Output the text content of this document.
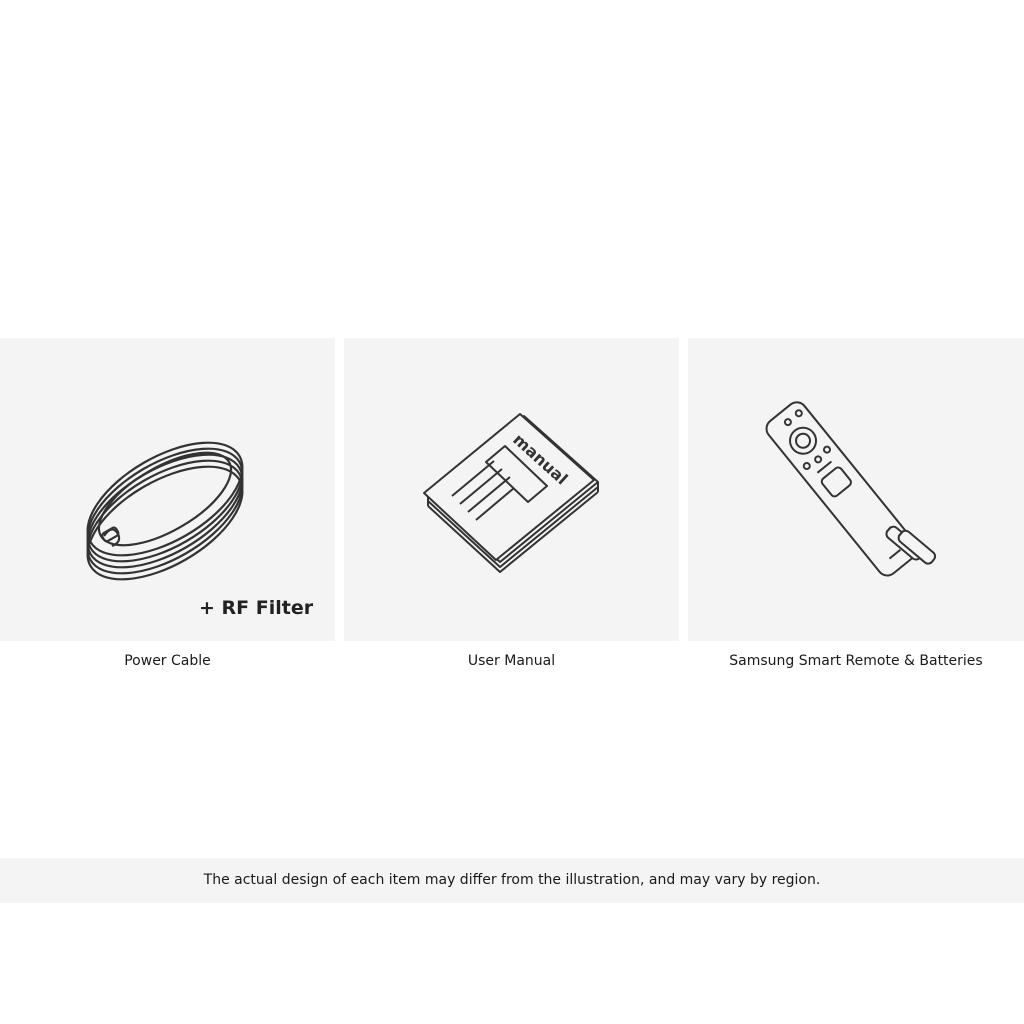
+ RF Filter
manual
Power Cable	User Manual	Samsung Smart Remote & Batteries
The actual design of each item may differ from the illustration, and may vary by region.
